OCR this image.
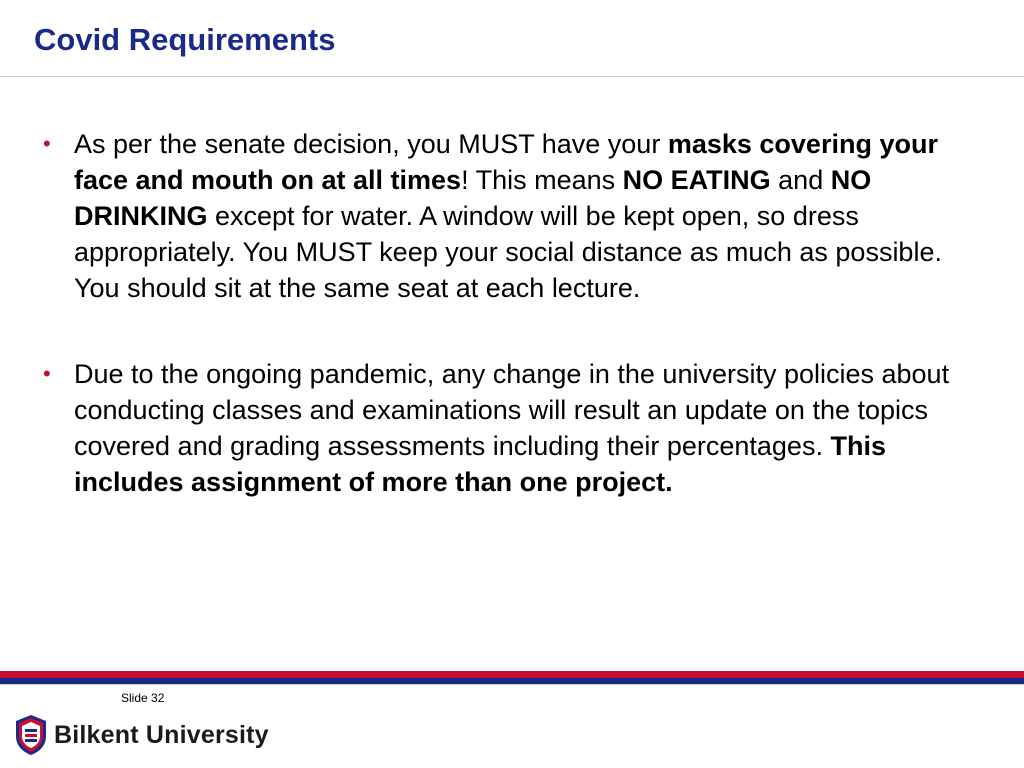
Covid Requirements
• As per the senate decision, you MUST have your masks covering your face and mouth on at all times! This means NO EATING and NO DRINKING except for water. A window will be kept open, so dress appropriately. You MUST keep your social distance as much as possible. You should sit at the same seat at each lecture.
• Due to the ongoing pandemic, any change in the university policies about conducting classes and examinations will result an update on the topics covered and grading assessments including their percentages. This includes assignment of more than one project.
Slide 32
Bilkent University
